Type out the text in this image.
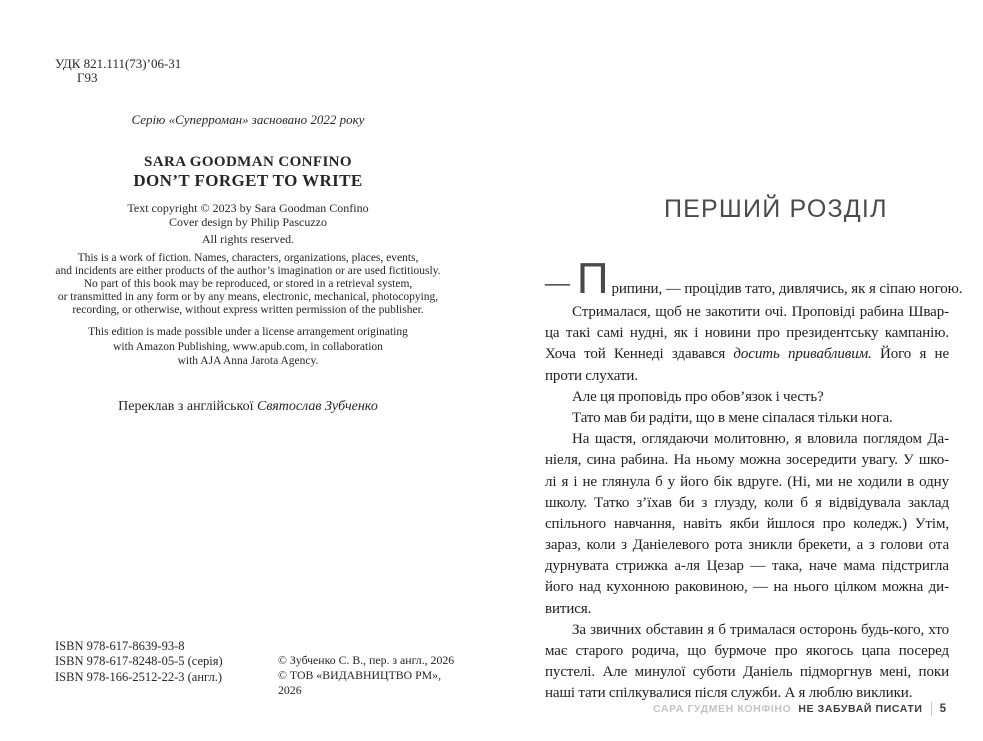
УДК 821.111(73)’06-31
Г93
Серію «Суперроман» засновано 2022 року
SARA GOODMAN CONFINO
DON’T FORGET TO WRITE
Text copyright © 2023 by Sara Goodman Confino
Cover design by Philip Pascuzzo
All rights reserved.
This is a work of fiction. Names, characters, organizations, places, events,
and incidents are either products of the author’s imagination or are used fictitiously.
No part of this book may be reproduced, or stored in a retrieval system,
or transmitted in any form or by any means, electronic, mechanical, photocopying,
recording, or otherwise, without express written permission of the publisher.
This edition is made possible under a license arrangement originating
with Amazon Publishing, www.apub.com, in collaboration
with AJA Anna Jarota Agency.
Переклав з англійської Святослав Зубченко
ISBN 978-617-8639-93-8
ISBN 978-617-8248-05-5 (серія)
ISBN 978-166-2512-22-3 (англ.)
© Зубченко С. В., пер. з англ., 2026
© ТОВ «ВИДАВНИЦТВО РМ», 2026
ПЕРШИЙ РОЗДІЛ
— П рипини, — процідив тато, дивлячись, як я сіпаю ногою.
Стрималася, щоб не закотити очі. Проповіді рабина Швар-
ца такі самі нудні, як і новини про президентську кампанію.
Хоча той Кеннеді здавався досить привабливим. Його я не
проти слухати.
Але ця проповідь про обов’язок і честь?
Тато мав би радіти, що в мене сіпалася тільки нога.
На щастя, оглядаючи молитовню, я вловила поглядом Да-
ніеля, сина рабина. На ньому можна зосередити увагу. У шко-
лі я і не глянула б у його бік вдруге. (Ні, ми не ходили в одну
школу. Татко з’їхав би з глузду, коли б я відвідувала заклад
спільного навчання, навіть якби йшлося про коледж.) Утім,
зараз, коли з Даніелевого рота зникли брекети, а з голови ота
дурнувата стрижка а-ля Цезар — така, наче мама підстригла
його над кухонною раковиною, — на нього цілком можна ди-
витися.
За звичних обставин я б трималася осторонь будь-кого, хто
має старого родича, що бурмоче про якогось цапа посеред
пустелі. Але минулої суботи Даніель підморгнув мені, поки
наші тати спілкувалися після служби. А я люблю виклики.
САРА ГУДМЕН КОНФІНО НЕ ЗАБУВАЙ ПИСАТИ 5
